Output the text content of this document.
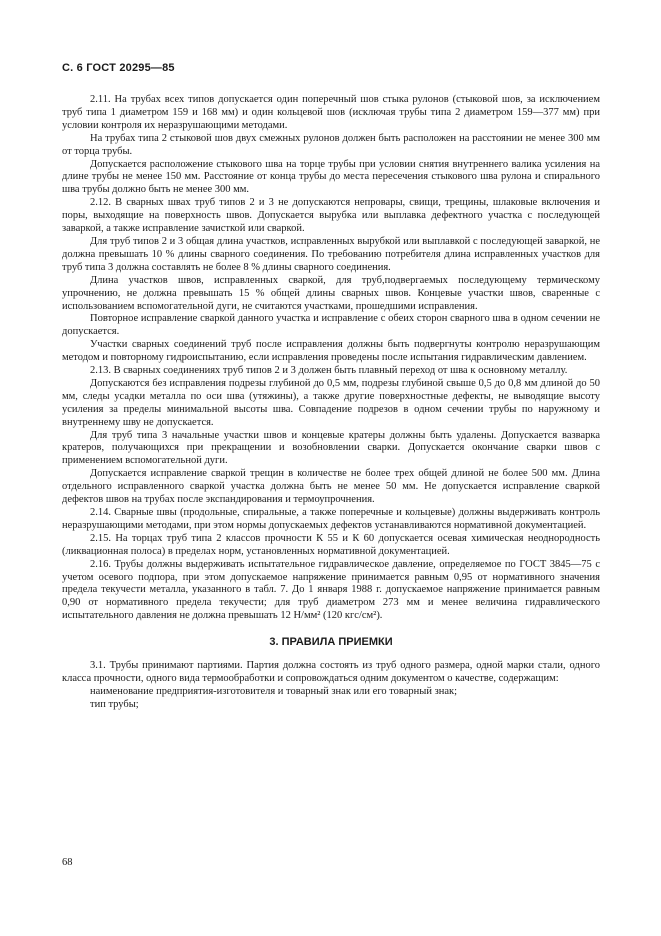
С. 6 ГОСТ 20295—85

2.11. На трубах всех типов допускается один поперечный шов стыка рулонов (стыковой шов, за исключением труб типа 1 диаметром 159 и 168 мм) и один кольцевой шов (исключая трубы типа 2 диаметром 159—377 мм) при условии контроля их неразрушающими методами.

На трубах типа 2 стыковой шов двух смежных рулонов должен быть расположен на расстоянии не менее 300 мм от торца трубы.

Допускается расположение стыкового шва на торце трубы при условии снятия внутреннего валика усиления на длине трубы не менее 150 мм. Расстояние от конца трубы до места пересечения стыкового шва рулона и спирального шва трубы должно быть не менее 300 мм.

2.12. В сварных швах труб типов 2 и 3 не допускаются непровары, свищи, трещины, шлаковые включения и поры, выходящие на поверхность швов. Допускается вырубка или выплавка дефектного участка с последующей заваркой, а также исправление зачисткой или сваркой.

Для труб типов 2 и 3 общая длина участков, исправленных вырубкой или выплавкой с последующей заваркой, не должна превышать 10 % длины сварного соединения. По требованию потребителя длина исправленных участков для труб типа 3 должна составлять не более 8 % длины сварного соединения.

Длина участков швов, исправленных сваркой, для труб,подвергаемых последующему термическому упрочнению, не должна превышать 15 % общей длины сварных швов. Концевые участки швов, сваренные с использованием вспомогательной дуги, не считаются участками, прошедшими исправления.

Повторное исправление сваркой данного участка и исправление с обеих сторон сварного шва в одном сечении не допускается.

Участки сварных соединений труб после исправления должны быть подвергнуты контролю неразрушающим методом и повторному гидроиспытанию, если исправления проведены после испытания гидравлическим давлением.

2.13. В сварных соединениях труб типов 2 и 3 должен быть плавный переход от шва к основному металлу.

Допускаются без исправления подрезы глубиной до 0,5 мм, подрезы глубиной свыше 0,5 до 0,8 мм длиной до 50 мм, следы усадки металла по оси шва (утяжины), а также другие поверхностные дефекты, не выводящие высоту усиления за пределы минимальной высоты шва. Совпадение подрезов в одном сечении трубы по наружному и внутреннему шву не допускается.

Для труб типа 3 начальные участки швов и концевые кратеры должны быть удалены. Допускается вазварка кратеров, получающихся при прекращении и возобновлении сварки. Допускается окончание сварки швов с применением вспомогательной дуги.

Допускается исправление сваркой трещин в количестве не более трех общей длиной не более 500 мм. Длина отдельного исправленного сваркой участка должна быть не менее 50 мм. Не допускается исправление сваркой дефектов швов на трубах после экспандирования и термоупрочнения.

2.14. Сварные швы (продольные, спиральные, а также поперечные и кольцевые) должны выдерживать контроль неразрушающими методами, при этом нормы допускаемых дефектов устанавливаются нормативной документацией.

2.15. На торцах труб типа 2 классов прочности К 55 и К 60 допускается осевая химическая неоднородность (ликвационная полоса) в пределах норм, установленных нормативной документацией.

2.16. Трубы должны выдерживать испытательное гидравлическое давление, определяемое по ГОСТ 3845—75 с учетом осевого подпора, при этом допускаемое напряжение принимается равным 0,95 от нормативного значения предела текучести металла, указанного в табл. 7. До 1 января 1988 г. допускаемое напряжение принимается равным 0,90 от нормативного предела текучести; для труб диаметром 273 мм и менее величина гидравлического испытательного давления не должна превышать 12 Н/мм² (120 кгс/см²).

3. ПРАВИЛА ПРИЕМКИ

3.1. Трубы принимают партиями. Партия должна состоять из труб одного размера, одной марки стали, одного класса прочности, одного вида термообработки и сопровождаться одним документом о качестве, содержащим:

наименование предприятия-изготовителя и товарный знак или его товарный знак;

тип трубы;

68
